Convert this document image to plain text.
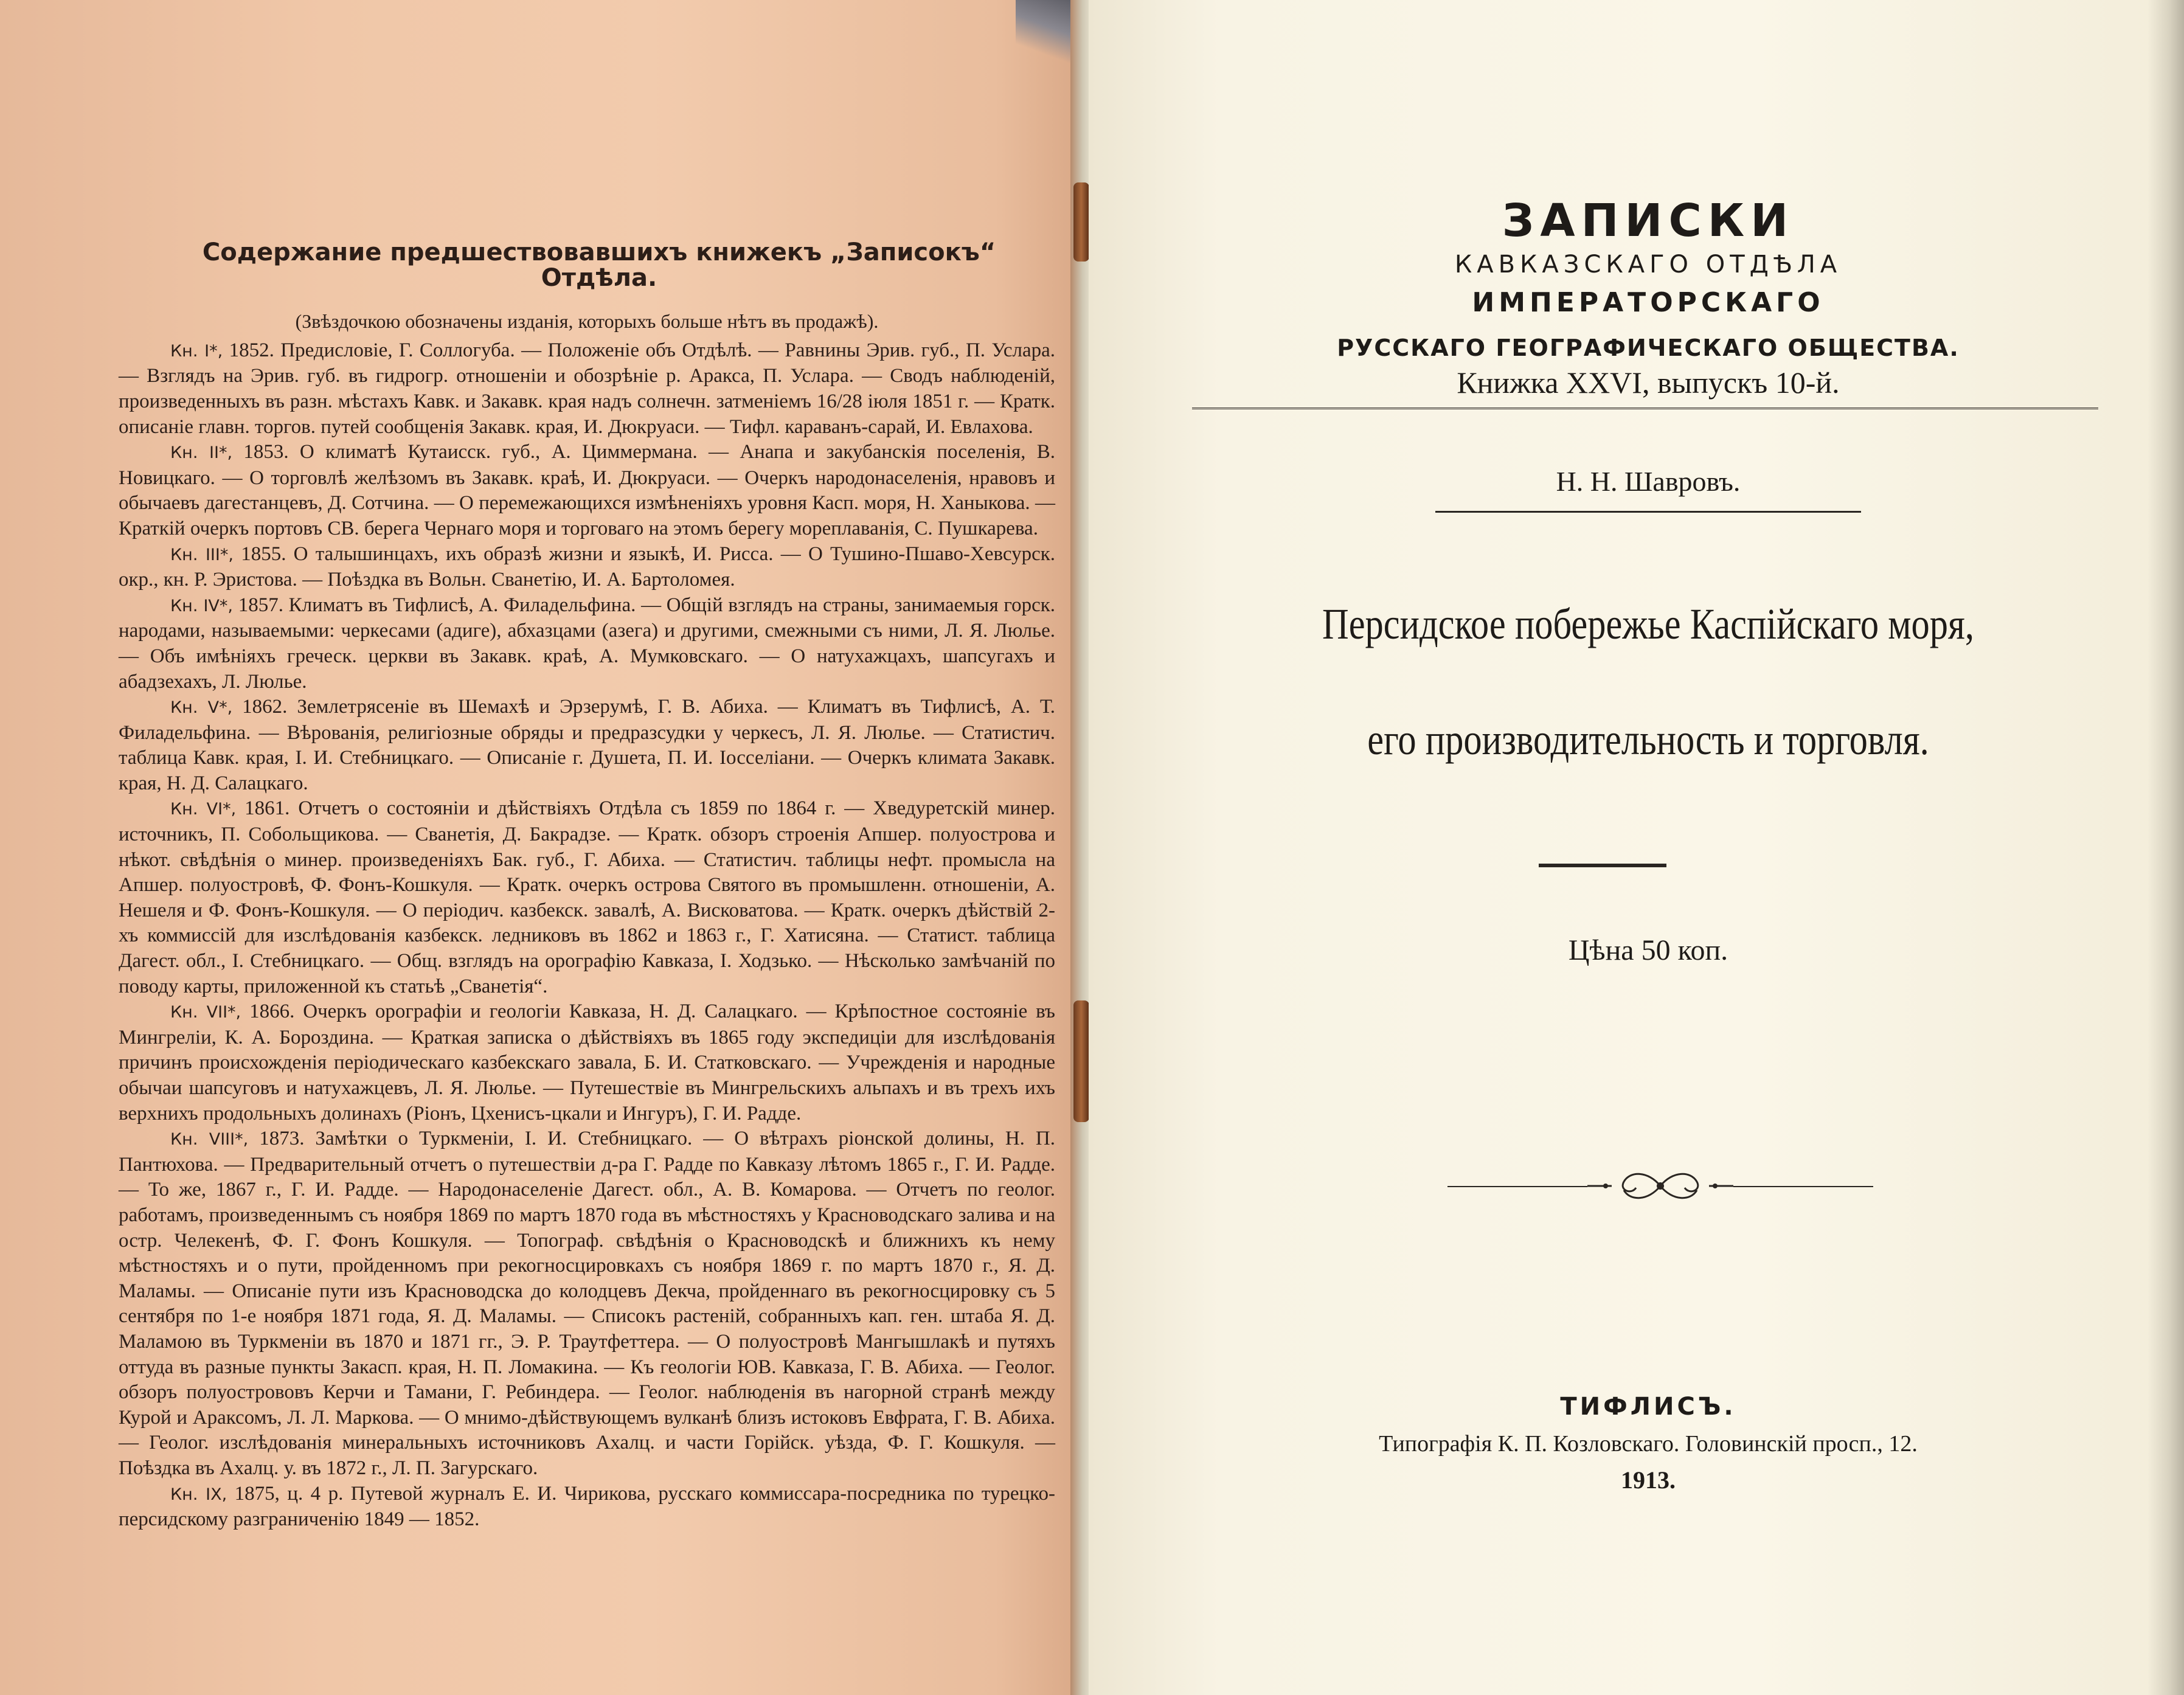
Содержание предшествовавшихъ книжекъ „Записокъ“ Отдѣла.
(Звѣздочкою обозначены изданія, которыхъ больше нѣтъ въ продажѣ).

Кн. I*, 1852. Предисловіе, Г. Соллогуба. — Положеніе объ Отдѣлѣ. — Равнины Эрив. губ., П. Услара. — Взглядъ на Эрив. губ. въ гидрогр. отношеніи и обозрѣніе р. Аракса, П. Услара. — Сводъ наблюденій, произведенныхъ въ разн. мѣстахъ Кавк. и Закавк. края надъ солнечн. затменіемъ 16/28 іюля 1851 г. — Кратк. описаніе главн. торгов. путей сообщенія Закавк. края, И. Дюкруаси. — Тифл. караванъ-сарай, И. Евлахова.

Кн. II*, 1853. О климатѣ Кутаисск. губ., А. Циммермана. — Анапа и закубанскія поселенія, В. Новицкаго. — О торговлѣ желѣзомъ въ Закавк. краѣ, И. Дюкруаси. — Очеркъ народонаселенія, нравовъ и обычаевъ дагестанцевъ, Д. Сотчина. — О перемежающихся измѣненіяхъ уровня Касп. моря, Н. Ханыкова. — Краткій очеркъ портовъ СВ. берега Чернаго моря и торговаго на этомъ берегу мореплаванія, С. Пушкарева.

Кн. III*, 1855. О талышинцахъ, ихъ образѣ жизни и языкѣ, И. Рисса. — О Тушино-Пшаво-Хевсурск. окр., кн. Р. Эристова. — Поѣздка въ Вольн. Сванетію, И. А. Бартоломея.

Кн. IV*, 1857. Климатъ въ Тифлисѣ, А. Филадельфина. — Общій взглядъ на страны, занимаемыя горск. народами, называемыми: черкесами (адиге), абхазцами (азега) и другими, смежными съ ними, Л. Я. Люлье. — Объ имѣніяхъ греческ. церкви въ Закавк. краѣ, А. Мумковскаго. — О натухажцахъ, шапсугахъ и абадзехахъ, Л. Люлье.

Кн. V*, 1862. Землетрясеніе въ Шемахѣ и Эрзерумѣ, Г. В. Абиха. — Климатъ въ Тифлисѣ, А. Т. Филадельфина. — Вѣрованія, религіозные обряды и предразсудки у черкесъ, Л. Я. Люлье. — Статистич. таблица Кавк. края, I. И. Стебницкаго. — Описаніе г. Душета, П. И. Іосселіани. — Очеркъ климата Закавк. края, Н. Д. Салацкаго.

Кн. VI*, 1861. Отчетъ о состояніи и дѣйствіяхъ Отдѣла съ 1859 по 1864 г. — Хведуретскій минер. источникъ, П. Собольщикова. — Сванетія, Д. Бакрадзе. — Кратк. обзоръ строенія Апшер. полуострова и нѣкот. свѣдѣнія о минер. произведеніяхъ Бак. губ., Г. Абиха. — Статистич. таблицы нефт. промысла на Апшер. полуостровѣ, Ф. Фонъ-Кошкуля. — Кратк. очеркъ острова Святого въ промышленн. отношеніи, А. Нешеля и Ф. Фонъ-Кошкуля. — О періодич. казбекск. завалѣ, А. Висковатова. — Кратк. очеркъ дѣйствій 2-хъ коммиссій для изслѣдованія казбекск. ледниковъ въ 1862 и 1863 г., Г. Хатисяна. — Статист. таблица Дагест. обл., I. Стебницкаго. — Общ. взглядъ на орографію Кавказа, I. Ходзько. — Нѣсколько замѣчаній по поводу карты, приложенной къ статьѣ „Сванетія“.

Кн. VII*, 1866. Очеркъ орографіи и геологіи Кавказа, Н. Д. Салацкаго. — Крѣпостное состояніе въ Мингреліи, К. А. Бороздина. — Краткая записка о дѣйствіяхъ въ 1865 году экспедиціи для изслѣдованія причинъ происхожденія періодическаго казбекскаго завала, Б. И. Статковскаго. — Учрежденія и народные обычаи шапсуговъ и натухажцевъ, Л. Я. Люлье. — Путешествіе въ Мингрельскихъ альпахъ и въ трехъ ихъ верхнихъ продольныхъ долинахъ (Ріонъ, Цхенисъ-цкали и Ингуръ), Г. И. Радде.

Кн. VIII*, 1873. Замѣтки о Туркменіи, I. И. Стебницкаго. — О вѣтрахъ ріонской долины, Н. П. Пантюхова. — Предварительный отчетъ о путешествіи д-ра Г. Радде по Кавказу лѣтомъ 1865 г., Г. И. Радде. — То же, 1867 г., Г. И. Радде. — Народонаселеніе Дагест. обл., А. В. Комарова. — Отчетъ по геолог. работамъ, произведеннымъ съ ноября 1869 по мартъ 1870 года въ мѣстностяхъ у Красноводскаго залива и на остр. Челекенѣ, Ф. Г. Фонъ Кошкуля. — Топограф. свѣдѣнія о Красноводскѣ и ближнихъ къ нему мѣстностяхъ и о пути, пройденномъ при рекогносцировкахъ съ ноября 1869 г. по мартъ 1870 г., Я. Д. Маламы. — Описаніе пути изъ Красноводска до колодцевъ Декча, пройденнаго въ рекогносцировку съ 5 сентября по 1-е ноября 1871 года, Я. Д. Маламы. — Списокъ растеній, собранныхъ кап. ген. штаба Я. Д. Маламою въ Туркменіи въ 1870 и 1871 гг., Э. Р. Траутфеттера. — О полуостровѣ Мангышлакѣ и путяхъ оттуда въ разные пункты Закасп. края, Н. П. Ломакина. — Къ геологіи ЮВ. Кавказа, Г. В. Абиха. — Геолог. обзоръ полуострововъ Керчи и Тамани, Г. Ребиндера. — Геолог. наблюденія въ нагорной странѣ между Курой и Араксомъ, Л. Л. Маркова. — О мнимо-дѣйствующемъ вулканѣ близъ истоковъ Евфрата, Г. В. Абиха. — Геолог. изслѣдованія минеральныхъ источниковъ Ахалц. и части Горійск. уѣзда, Ф. Г. Кошкуля. — Поѣздка въ Ахалц. у. въ 1872 г., Л. П. Загурскаго.

Кн. IX, 1875, ц. 4 р. Путевой журналъ Е. И. Чирикова, русскаго коммиссара-посредника по турецко-персидскому разграниченію 1849 — 1852.

ЗАПИСКИ
КАВКАЗСКАГО ОТДѢЛА
ИМПЕРАТОРСКАГО
РУССКАГО ГЕОГРАФИЧЕСКАГО ОБЩЕСТВА.
Книжка XXVI, выпускъ 10-й.
Н. Н. Шавровъ.
Персидское побережье Каспійскаго моря,
его производительность и торговля.
Цѣна 50 коп.
ТИФЛИСЪ.
Типографія К. П. Козловскаго. Головинскій просп., 12.
1913.
